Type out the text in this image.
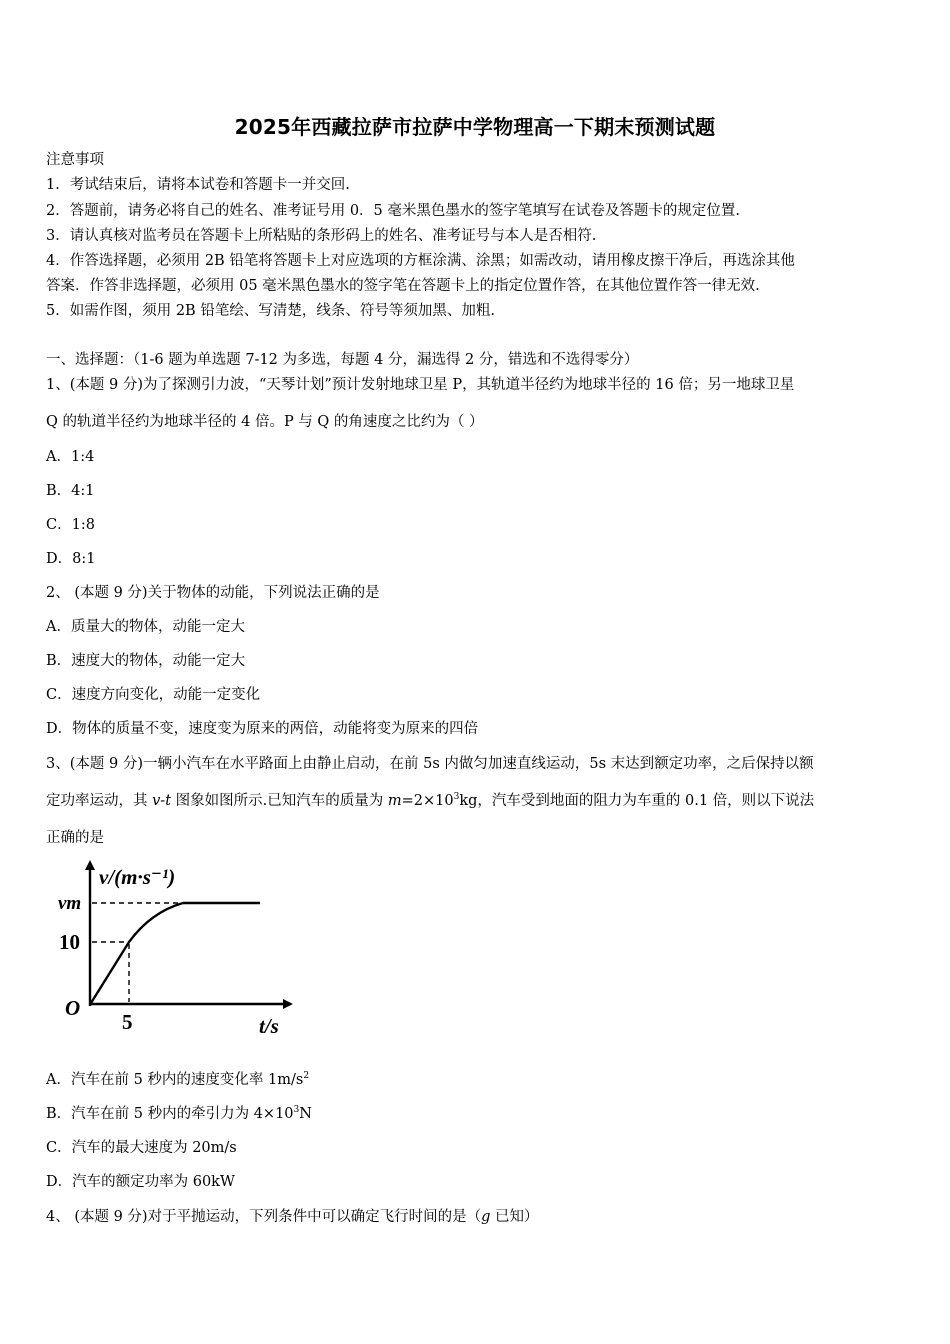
2025年西藏拉萨市拉萨中学物理高一下期末预测试题
注意事项
1．考试结束后，请将本试卷和答题卡一并交回.
2．答题前，请务必将自己的姓名、准考证号用 0．5 毫米黑色墨水的签字笔填写在试卷及答题卡的规定位置.
3．请认真核对监考员在答题卡上所粘贴的条形码上的姓名、准考证号与本人是否相符.
4．作答选择题，必须用 2B 铅笔将答题卡上对应选项的方框涂满、涂黑；如需改动，请用橡皮擦干净后，再选涂其他
答案．作答非选择题，必须用 05 毫米黑色墨水的签字笔在答题卡上的指定位置作答，在其他位置作答一律无效.
5．如需作图，须用 2B 铅笔绘、写清楚，线条、符号等须加黑、加粗.
一、选择题：（1-6 题为单选题 7-12 为多选，每题 4 分，漏选得 2 分，错选和不选得零分）
1、(本题 9 分)为了探测引力波，“天琴计划”预计发射地球卫星 P，其轨道半径约为地球半径的 16 倍；另一地球卫星
Q 的轨道半径约为地球半径的 4 倍。P 与 Q 的角速度之比约为（ ）
A．1:4
B．4:1
C．1:8
D．8:1
2、 (本题 9 分)关于物体的动能，下列说法正确的是
A．质量大的物体，动能一定大
B．速度大的物体，动能一定大
C．速度方向变化，动能一定变化
D．物体的质量不变，速度变为原来的两倍，动能将变为原来的四倍
3、(本题 9 分)一辆小汽车在水平路面上由静止启动，在前 5s 内做匀加速直线运动，5s 末达到额定功率，之后保持以额
定功率运动，其 v-t 图象如图所示.已知汽车的质量为 $m=2\times 10^3kg$，汽车受到地面的阻力为车重的 0.1 倍，则以下说法
正确的是
v/(m·s⁻¹)
vm
10
O
5	t/s
A．汽车在前 5 秒内的速度变化率 $1m/s^2$
B．汽车在前 5 秒内的牵引力为 $4\times 10^3N$
C．汽车的最大速度为 20m/s
D．汽车的额定功率为 60kW
4、 (本题 9 分)对于平抛运动，下列条件中可以确定飞行时间的是（g 已知）
